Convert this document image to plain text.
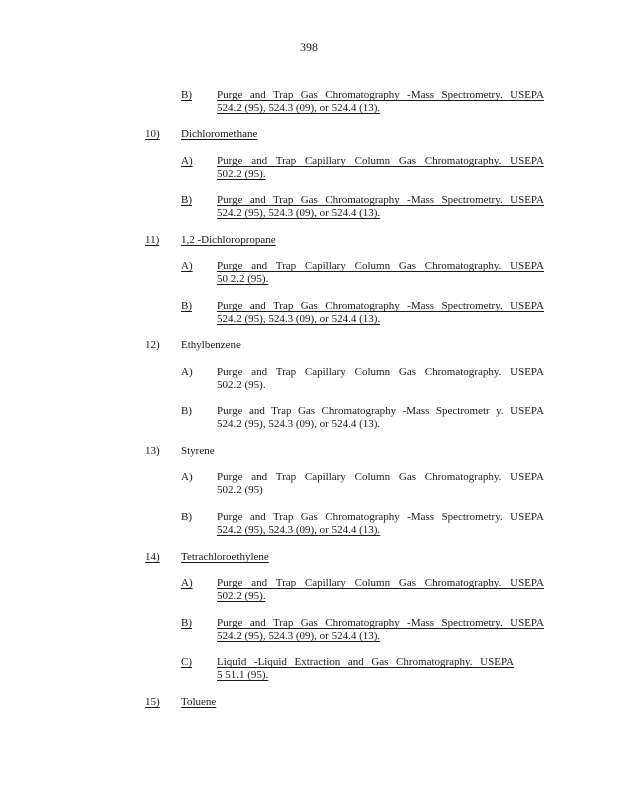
398
B) Purge and Trap Gas Chromatography -Mass Spectrometry. USEPA
524.2 (95), 524.3 (09), or 524.4 (13).
10) Dichloromethane
A) Purge and Trap Capillary Column Gas Chromatography. USEPA
502.2 (95).
B) Purge and Trap Gas Chromatography -Mass Spectrometry. USEPA
524.2 (95), 524.3 (09), or 524.4 (13).
11) 1,2 -Dichloropropane
A) Purge and Trap Capillary Column Gas Chromatography. USEPA
50 2.2 (95).
B) Purge and Trap Gas Chromatography -Mass Spectrometry. USEPA
524.2 (95), 524.3 (09), or 524.4 (13).
12) Ethylbenzene
A) Purge and Trap Capillary Column Gas Chromatography. USEPA
502.2 (95).
B) Purge and Trap Gas Chromatography -Mass Spectrometr y. USEPA
524.2 (95), 524.3 (09), or 524.4 (13).
13) Styrene
A) Purge and Trap Capillary Column Gas Chromatography. USEPA
502.2 (95)
B) Purge and Trap Gas Chromatography -Mass Spectrometry. USEPA
524.2 (95), 524.3 (09), or 524.4 (13).
14) Tetrachloroethylene
A) Purge and Trap Capillary Column Gas Chromatography. USEPA
502.2 (95).
B) Purge and Trap Gas Chromatography -Mass Spectrometry. USEPA
524.2 (95), 524.3 (09), or 524.4 (13).
C) Liquid -Liquid Extraction and Gas Chromatography. USEPA
5 51.1 (95).
15) Toluene
